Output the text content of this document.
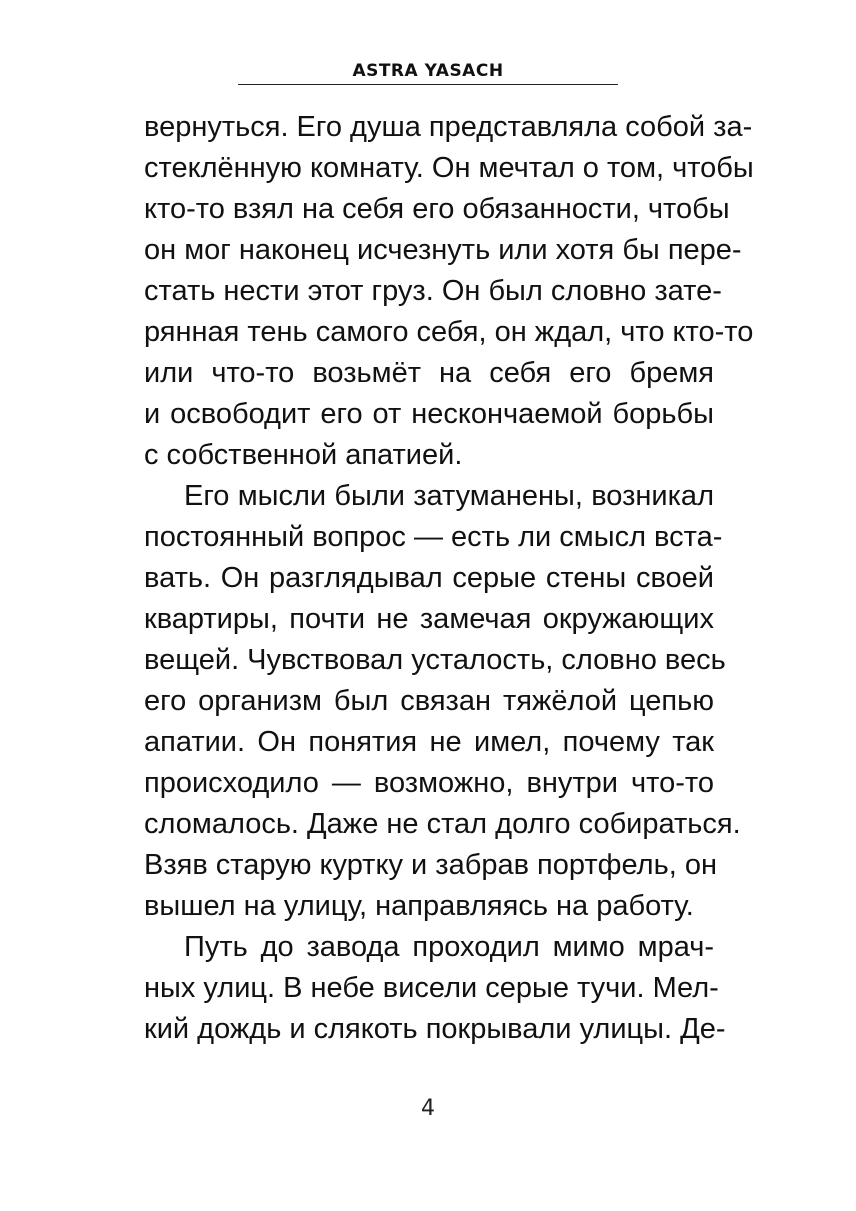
ASTRA YASACH
вернуться. Его душа представляла собой за-
стеклённую комнату. Он мечтал о том, чтобы
кто-то взял на себя его обязанности, чтобы
он мог наконец исчезнуть или хотя бы пере-
стать нести этот груз. Он был словно зате-
рянная тень самого себя, он ждал, что кто-то
или что-то возьмёт на себя его бремя
и освободит его от нескончаемой борьбы
с собственной апатией.
Его мысли были затуманены, возникал
постоянный вопрос — есть ли смысл вста-
вать. Он разглядывал серые стены своей
квартиры, почти не замечая окружающих
вещей. Чувствовал усталость, словно весь
его организм был связан тяжёлой цепью
апатии. Он понятия не имел, почему так
происходило — возможно, внутри что-то
сломалось. Даже не стал долго собираться.
Взяв старую куртку и забрав портфель, он
вышел на улицу, направляясь на работу.
Путь до завода проходил мимо мрач-
ных улиц. В небе висели серые тучи. Мел-
кий дождь и слякоть покрывали улицы. Де-
4
